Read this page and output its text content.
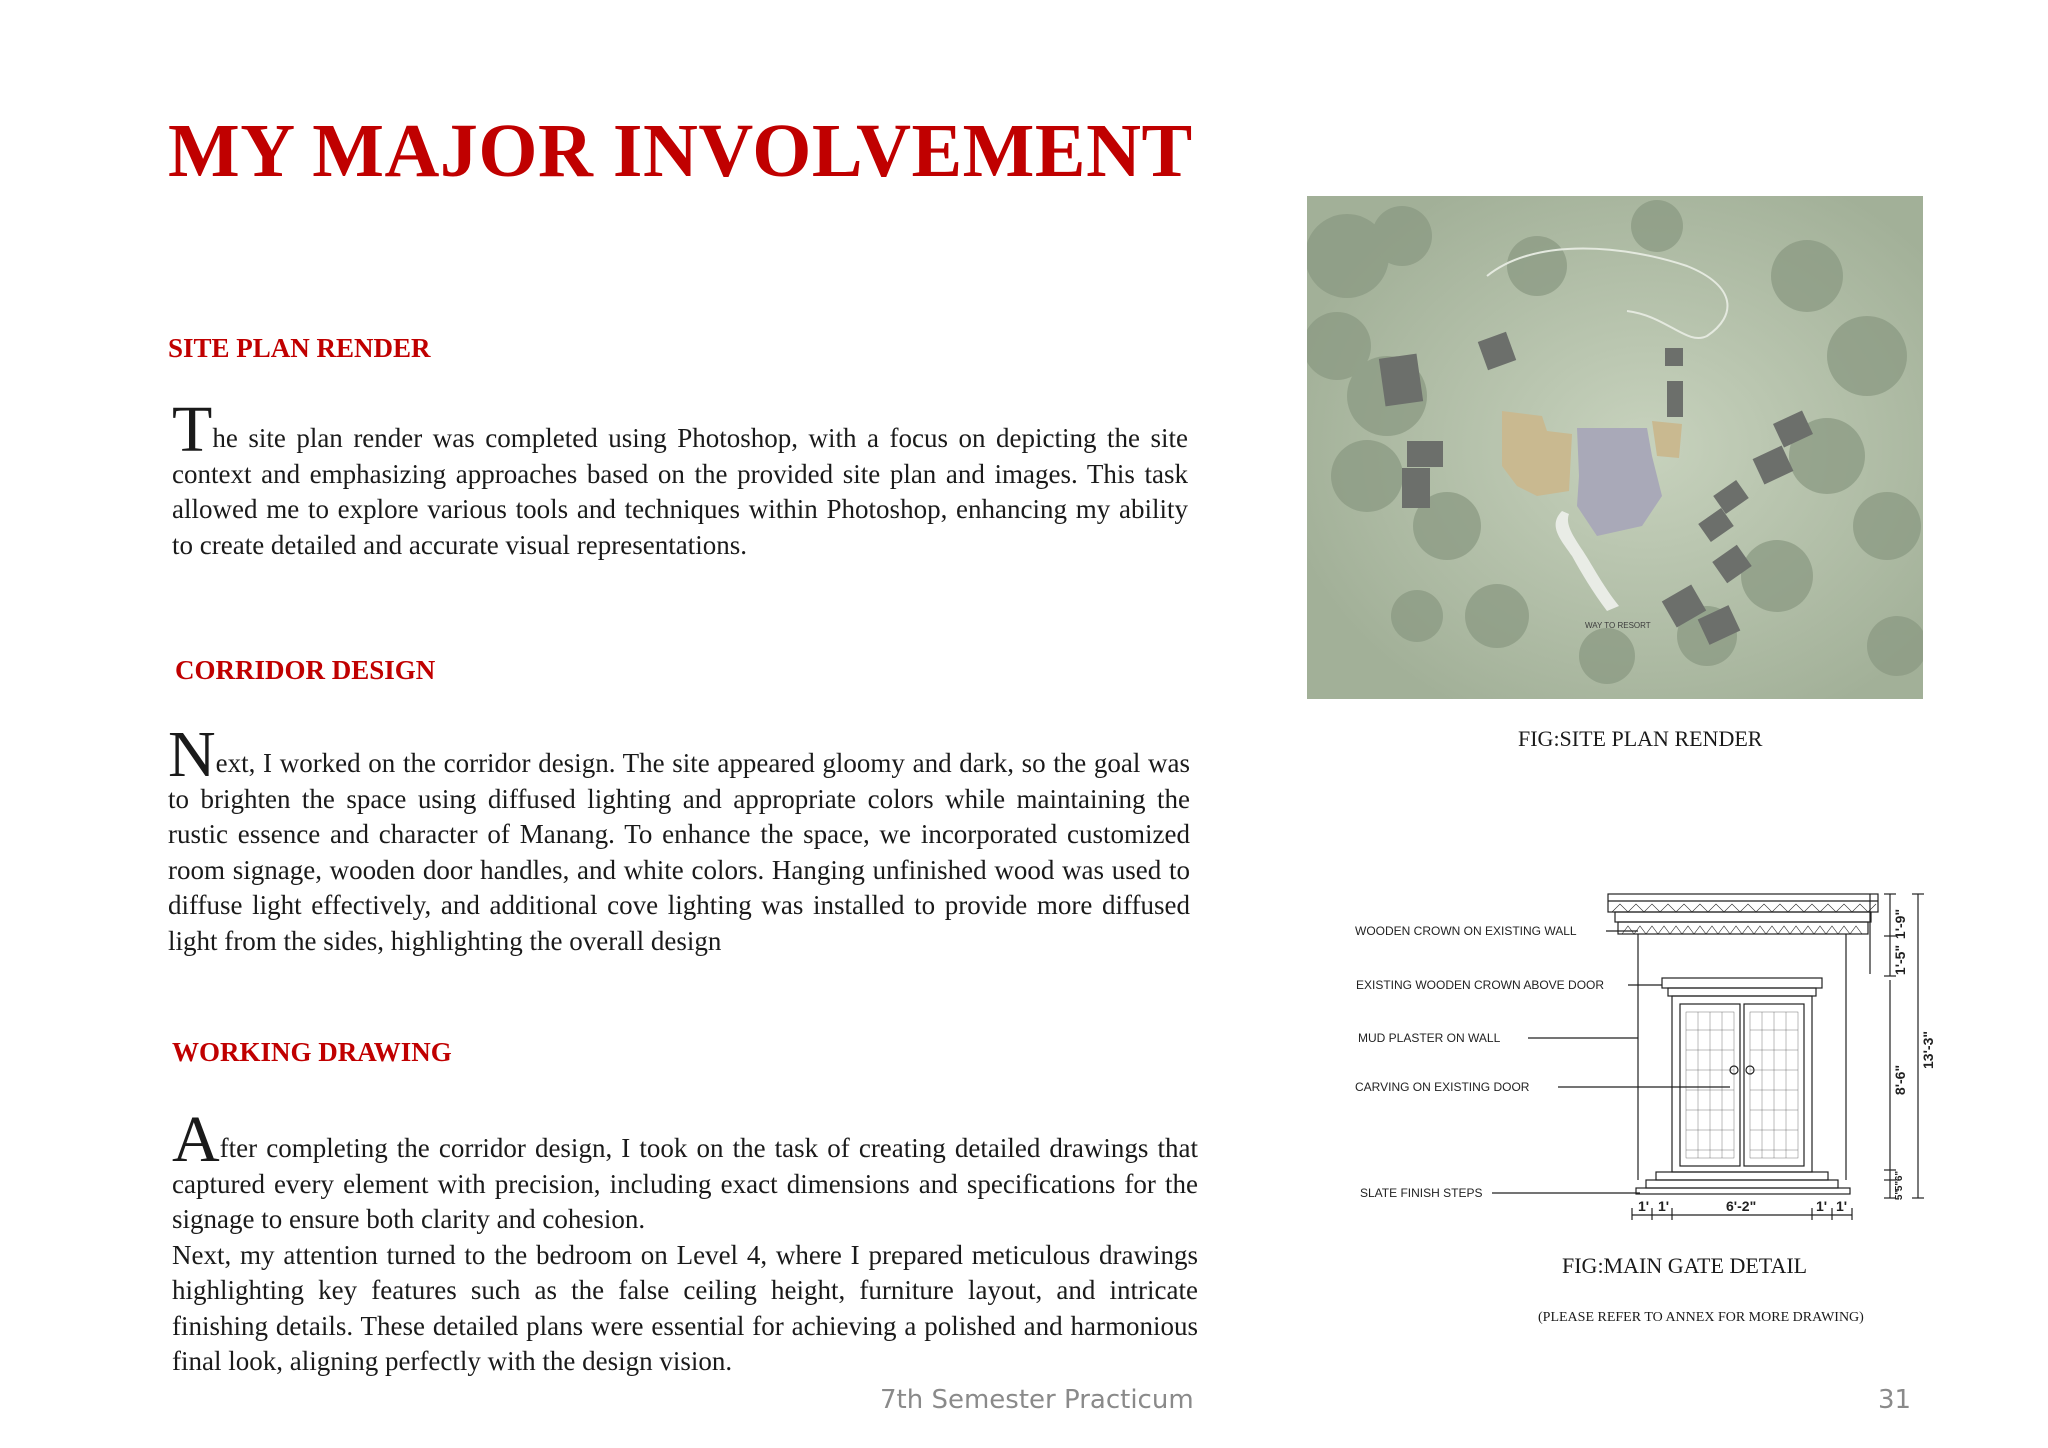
MY MAJOR INVOLVEMENT
SITE PLAN RENDER
The site plan render was completed using Photoshop, with a focus on depicting the site context and emphasizing approaches based on the provided site plan and images. This task allowed me to explore various tools and techniques within Photoshop, enhancing my ability to create detailed and accurate visual representations.
CORRIDOR DESIGN
Next, I worked on the corridor design. The site appeared gloomy and dark, so the goal was to brighten the space using diffused lighting and appropriate colors while maintaining the rustic essence and character of Manang. To enhance the space, we incorporated customized room signage, wooden door handles, and white colors. Hanging unfinished wood was used to diffuse light effectively, and additional cove lighting was installed to provide more diffused light from the sides, highlighting the overall design
WORKING DRAWING
After completing the corridor design, I took on the task of creating detailed drawings that captured every element with precision, including exact dimensions and specifications for the signage to ensure both clarity and cohesion.
Next, my attention turned to the bedroom on Level 4, where I prepared meticulous drawings highlighting key features such as the false ceiling height, furniture layout, and intricate finishing details. These detailed plans were essential for achieving a polished and harmonious final look, aligning perfectly with the design vision.
WAY TO RESORT
FIG:SITE PLAN RENDER
WOODEN CROWN ON EXISTING WALL
EXISTING WOODEN CROWN ABOVE DOOR
MUD PLASTER ON WALL
CARVING ON EXISTING DOOR
SLATE FINISH STEPS
1' 1'	6'-2"	1' 1'
1'-9"
1'-5"
8'-6"
13'-3"
6"
5"
5"
FIG:MAIN GATE DETAIL
(PLEASE REFER TO ANNEX FOR MORE DRAWING)
7th Semester Practicum	31
